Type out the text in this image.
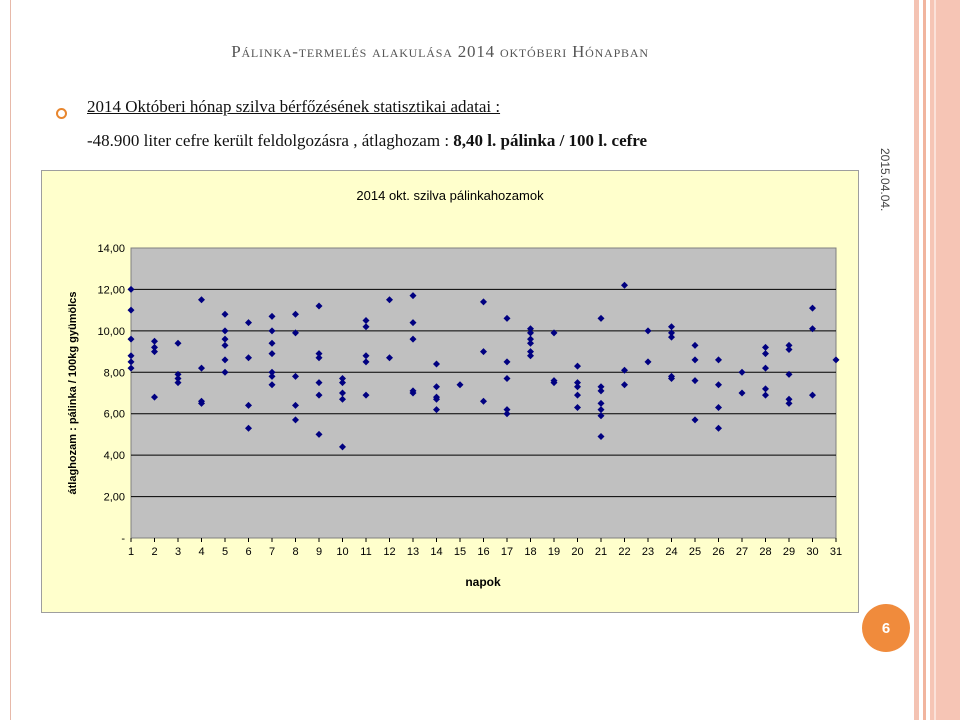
Pálinka-termelés alakulása 2014 októberi Hónapban
2014 Októberi hónap szilva bérfőzésének statisztikai adatai :
-48.900 liter cefre került feldolgozásra , átlaghozam : 8,40 l. pálinka / 100 l. cefre
2015.04.04.
2014 okt. szilva pálinkahozamok
-
2,00
4,00
6,00
8,00
10,00
12,00
14,00
1 2 3 4 5 6 7 8 9 10 11 12 13 14 15 16 17 18 19 20 21 22 23 24 25 26 27 28 29 30 31
napok
átlaghozam : pálinka / 100kg gyümölcs
6
